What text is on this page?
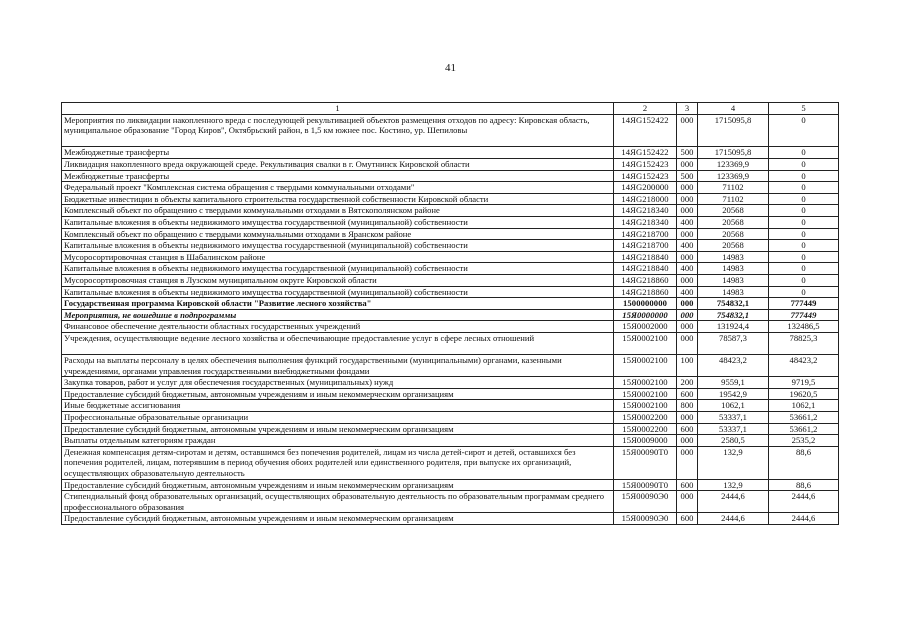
41
1	2	3	4	5
Мероприятия по ликвидации накопленного вреда с последующей рекультивацией объектов размещения отходов по адресу: Кировская область, муниципальное образование "Город Киров", Октябрьский район, в 1,5 км южнее пос. Костино, ур. Шепиловы	14ЯG152422	000	1715095,8	0
Межбюджетные трансферты	14ЯG152422	500	1715095,8	0
Ликвидация накопленного вреда окружающей среде. Рекультивация свалки в г. Омутнинск Кировской области	14ЯG152423	000	123369,9	0
Межбюджетные трансферты	14ЯG152423	500	123369,9	0
Федеральный проект "Комплексная система обращения с твердыми коммунальными отходами"	14ЯG200000	000	71102	0
Бюджетные инвестиции в объекты капитального строительства государственной собственности Кировской области	14ЯG218000	000	71102	0
Комплексный объект по обращению с твердыми коммунальными отходами в Вятскополянском районе	14ЯG218340	000	20568	0
Капитальные вложения в объекты недвижимого имущества государственной (муниципальной) собственности	14ЯG218340	400	20568	0
Комплексный объект по обращению с твердыми коммунальными отходами в Яранском районе	14ЯG218700	000	20568	0
Капитальные вложения в объекты недвижимого имущества государственной (муниципальной) собственности	14ЯG218700	400	20568	0
Мусоросортировочная станция в Шабалинском районе	14ЯG218840	000	14983	0
Капитальные вложения в объекты недвижимого имущества государственной (муниципальной) собственности	14ЯG218840	400	14983	0
Мусоросортировочная станция в Лузском муниципальном округе Кировской области	14ЯG218860	000	14983	0
Капитальные вложения в объекты недвижимого имущества государственной (муниципальной) собственности	14ЯG218860	400	14983	0
Государственная программа Кировской области "Развитие лесного хозяйства"	1500000000	000	754832,1	777449
Мероприятия, не вошедшие в подпрограммы	15Я0000000	000	754832,1	777449
Финансовое обеспечение деятельности областных государственных учреждений	15Я0002000	000	131924,4	132486,5
Учреждения, осуществляющие ведение лесного хозяйства и обеспечивающие предоставление услуг в сфере лесных отношений	15Я0002100	000	78587,3	78825,3
Расходы на выплаты персоналу в целях обеспечения выполнения функций государственными (муниципальными) органами, казенными учреждениями, органами управления государственными внебюджетными фондами	15Я0002100	100	48423,2	48423,2
Закупка товаров, работ и услуг для обеспечения государственных (муниципальных) нужд	15Я0002100	200	9559,1	9719,5
Предоставление субсидий бюджетным, автономным учреждениям и иным некоммерческим организациям	15Я0002100	600	19542,9	19620,5
Иные бюджетные ассигнования	15Я0002100	800	1062,1	1062,1
Профессиональные образовательные организации	15Я0002200	000	53337,1	53661,2
Предоставление субсидий бюджетным, автономным учреждениям и иным некоммерческим организациям	15Я0002200	600	53337,1	53661,2
Выплаты отдельным категориям граждан	15Я0009000	000	2580,5	2535,2
Денежная компенсация детям-сиротам и детям, оставшимся без попечения родителей, лицам из числа детей-сирот и детей, оставшихся без попечения родителей, лицам, потерявшим в период обучения обоих родителей или единственного родителя, при выпуске их организаций, осуществляющих образовательную деятельность	15Я00090Т0	000	132,9	88,6
Предоставление субсидий бюджетным, автономным учреждениям и иным некоммерческим организациям	15Я00090Т0	600	132,9	88,6
Стипендиальный фонд образовательных организаций, осуществляющих образовательную деятельность по образовательным программам среднего профессионального образования	15Я00090Э0	000	2444,6	2444,6
Предоставление субсидий бюджетным, автономным учреждениям и иным некоммерческим организациям	15Я00090Э0	600	2444,6	2444,6
